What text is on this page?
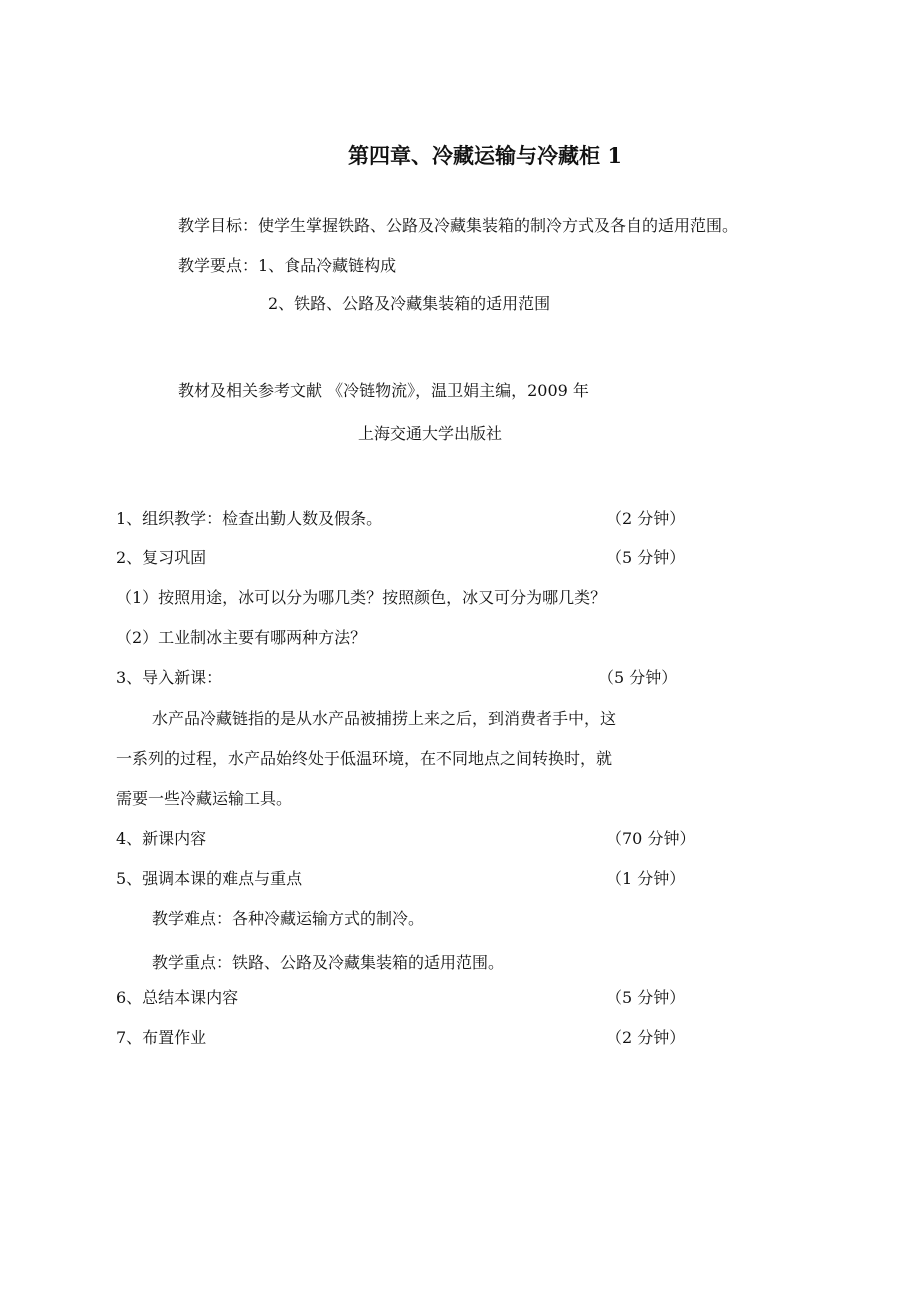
第四章、冷藏运输与冷藏柜 1
教学目标：使学生掌握铁路、公路及冷藏集装箱的制冷方式及各自的适用范围。
教学要点：1、食品冷藏链构成
2、铁路、公路及冷藏集装箱的适用范围
教材及相关参考文献 《冷链物流》，温卫娟主编，2009 年
上海交通大学出版社
1、组织教学：检查出勤人数及假条。	（2 分钟）
2、复习巩固	（5 分钟）
（1）按照用途，冰可以分为哪几类？按照颜色，冰又可分为哪几类？
（2）工业制冰主要有哪两种方法？
3、导入新课：	（5 分钟）
水产品冷藏链指的是从水产品被捕捞上来之后，到消费者手中，这
一系列的过程，水产品始终处于低温环境，在不同地点之间转换时，就
需要一些冷藏运输工具。
4、新课内容	（70 分钟）
5、强调本课的难点与重点	（1 分钟）
教学难点：各种冷藏运输方式的制冷。
教学重点：铁路、公路及冷藏集装箱的适用范围。
6、总结本课内容	（5 分钟）
7、布置作业	（2 分钟）
